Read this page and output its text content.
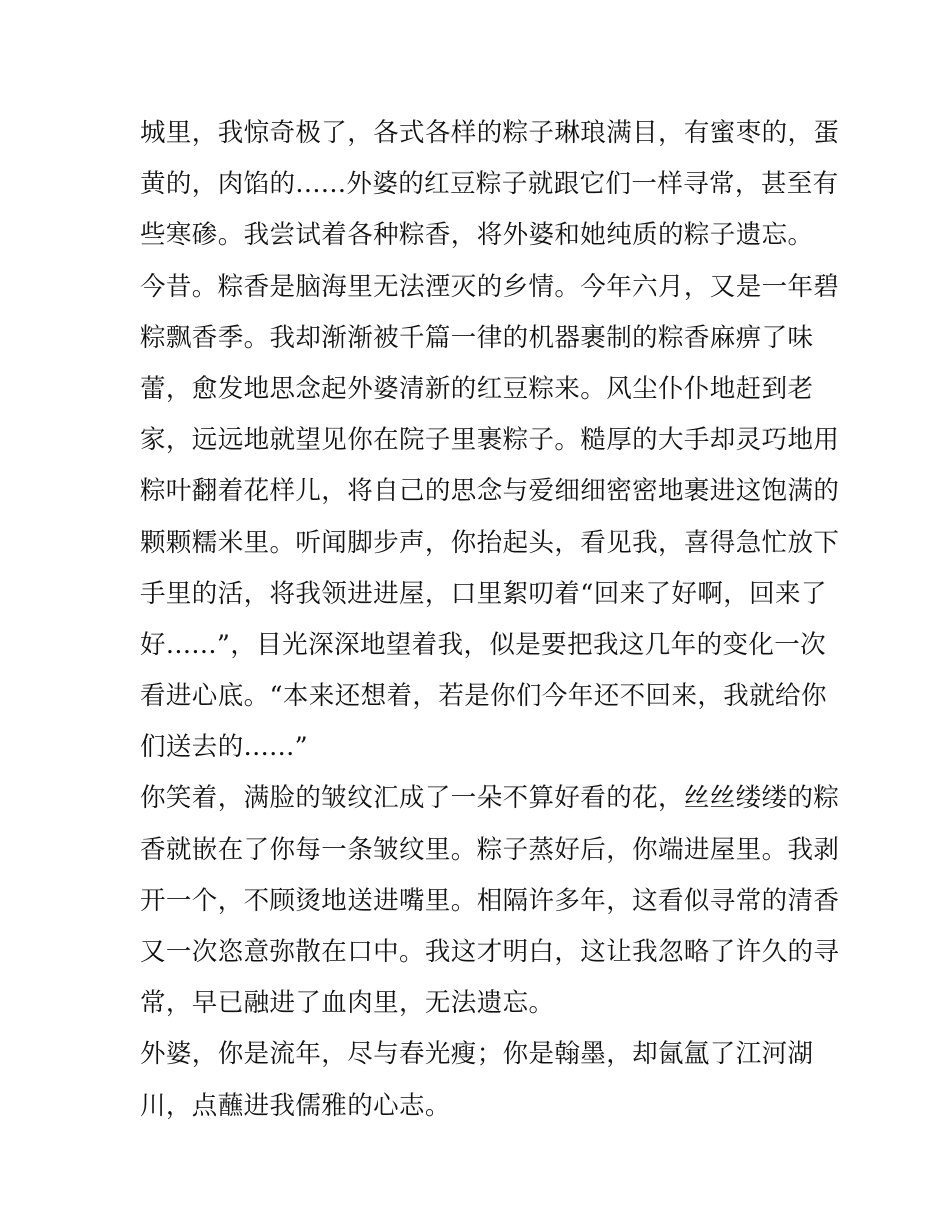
城里，我惊奇极了，各式各样的粽子琳琅满目，有蜜枣的，蛋
黄的，肉馅的......外婆的红豆粽子就跟它们一样寻常，甚至有
些寒碜。我尝试着各种粽香，将外婆和她纯质的粽子遗忘。
今昔。粽香是脑海里无法湮灭的乡情。今年六月，又是一年碧
粽飘香季。我却渐渐被千篇一律的机器裹制的粽香麻痹了味
蕾，愈发地思念起外婆清新的红豆粽来。风尘仆仆地赶到老
家，远远地就望见你在院子里裹粽子。糙厚的大手却灵巧地用
粽叶翻着花样儿，将自己的思念与爱细细密密地裹进这饱满的
颗颗糯米里。听闻脚步声，你抬起头，看见我，喜得急忙放下
手里的活，将我领进进屋，口里絮叨着“回来了好啊，回来了
好......”，目光深深地望着我，似是要把我这几年的变化一次
看进心底。“本来还想着，若是你们今年还不回来，我就给你
们送去的......”
你笑着，满脸的皱纹汇成了一朵不算好看的花，丝丝缕缕的粽
香就嵌在了你每一条皱纹里。粽子蒸好后，你端进屋里。我剥
开一个，不顾烫地送进嘴里。相隔许多年，这看似寻常的清香
又一次恣意弥散在口中。我这才明白，这让我忽略了许久的寻
常，早已融进了血肉里，无法遗忘。
外婆，你是流年，尽与春光瘦；你是翰墨，却氤氲了江河湖
川，点蘸进我儒雅的心志。
